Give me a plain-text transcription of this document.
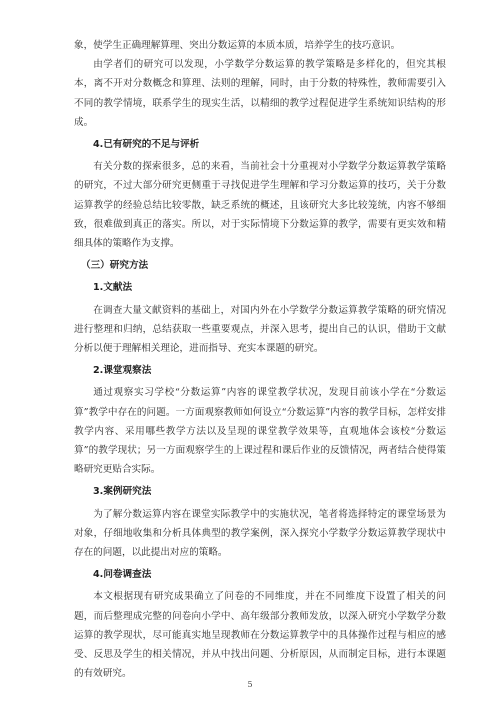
象，使学生正确理解算理、突出分数运算的本质本质，培养学生的技巧意识。

由学者们的研究可以发现，小学数学分数运算的教学策略是多样化的，但究其根本，离不开对分数概念和算理、法则的理解，同时，由于分数的特殊性，教师需要引入不同的教学情境，联系学生的现实生活，以精细的教学过程促进学生系统知识结构的形成。

4.已有研究的不足与评析

有关分数的探索很多，总的来看，当前社会十分重视对小学数学分数运算教学策略的研究，不过大部分研究更侧重于寻找促进学生理解和学习分数运算的技巧，关于分数运算教学的经验总结比较零散，缺乏系统的概述，且该研究大多比较笼统，内容不够细致，很难做到真正的落实。所以，对于实际情境下分数运算的教学，需要有更实效和精细具体的策略作为支撑。

（三）研究方法
1.文献法

在调查大量文献资料的基础上，对国内外在小学数学分数运算教学策略的研究情况进行整理和归纳，总结获取一些重要观点，并深入思考，提出自己的认识，借助于文献分析以便于理解相关理论，进而指导、充实本课题的研究。

2.课堂观察法

通过观察实习学校“分数运算”内容的课堂教学状况，发现目前该小学在“分数运算”教学中存在的问题。一方面观察教师如何设立“分数运算”内容的教学目标，怎样安排教学内容、采用哪些教学方法以及呈现的课堂教学效果等，直观地体会该校“分数运算”的教学现状；另一方面观察学生的上课过程和课后作业的反馈情况，两者结合使得策略研究更贴合实际。

3.案例研究法

为了解分数运算内容在课堂实际教学中的实施状况，笔者将选择特定的课堂场景为对象，仔细地收集和分析具体典型的教学案例，深入探究小学数学分数运算教学现状中存在的问题，以此提出对应的策略。

4.问卷调查法

本文根据现有研究成果确立了问卷的不同维度，并在不同维度下设置了相关的问题，而后整理成完整的问卷向小学中、高年级部分教师发放，以深入研究小学数学分数运算的教学现状，尽可能真实地呈现教师在分数运算教学中的具体操作过程与相应的感受、反思及学生的相关情况，并从中找出问题、分析原因，从而制定目标，进行本课题的有效研究。

5
